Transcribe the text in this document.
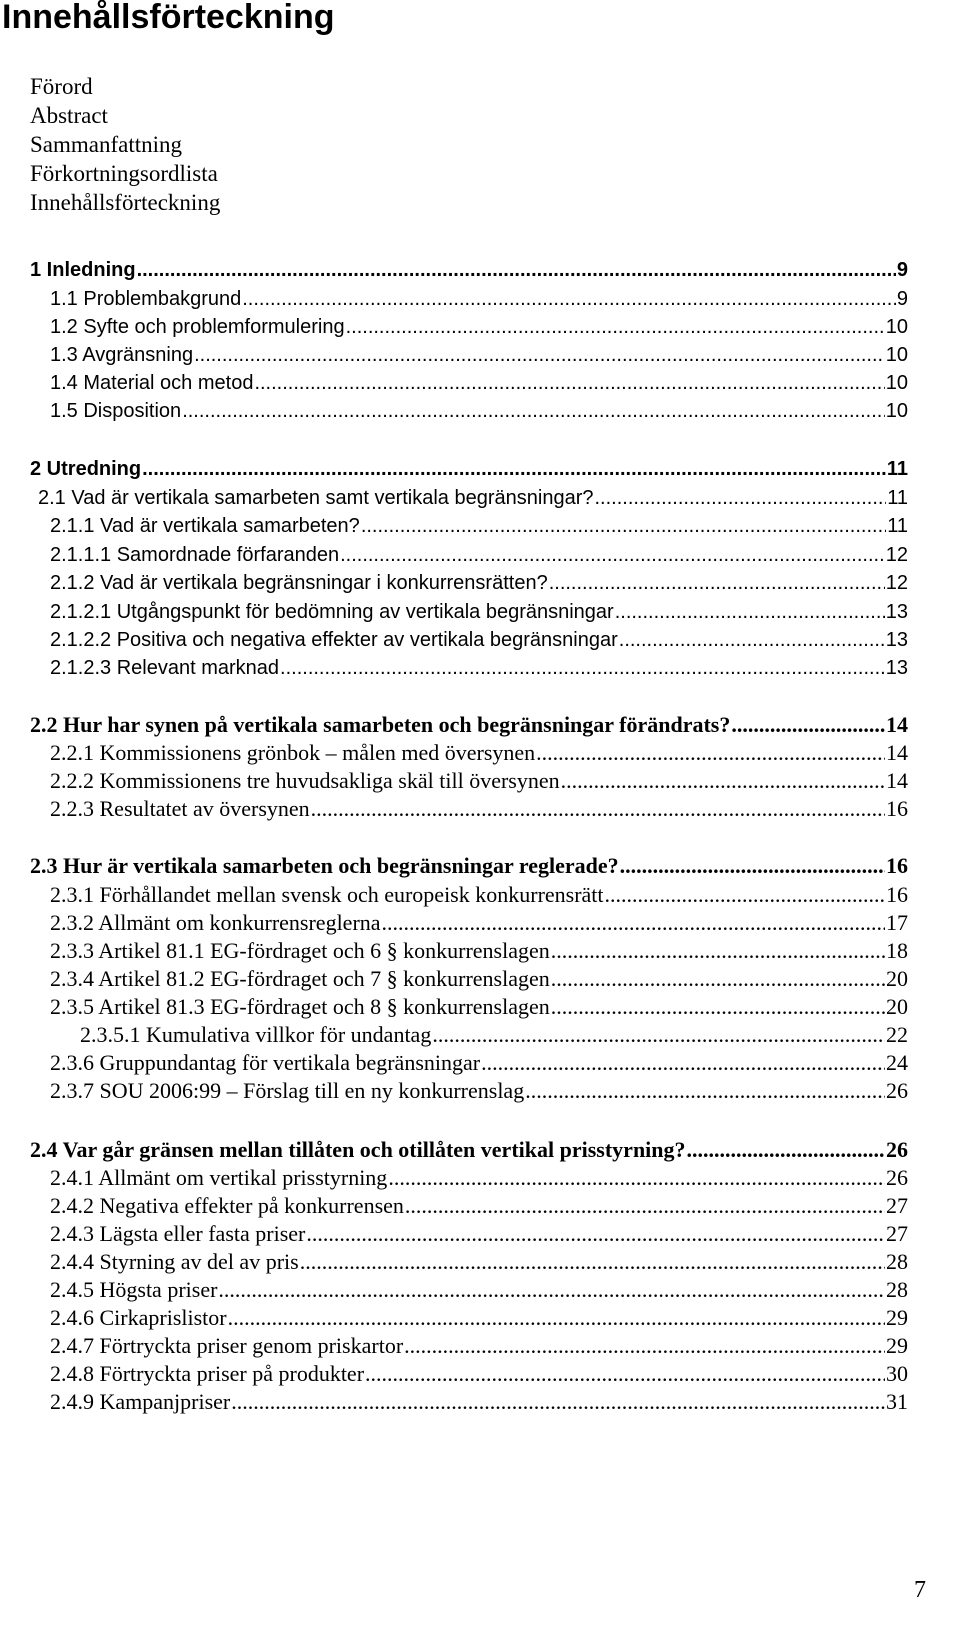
Innehållsförteckning
Förord
Abstract
Sammanfattning
Förkortningsordlista
Innehållsförteckning
1 Inledning .....	9
1.1 Problembakgrund .....	9
1.2 Syfte och problemformulering .....	10
1.3 Avgränsning .....	10
1.4 Material och metod .....	10
1.5 Disposition .....	10
2 Utredning .....	11
2.1 Vad är vertikala samarbeten samt vertikala begränsningar? .....	11
2.1.1 Vad är vertikala samarbeten? .....	11
2.1.1.1 Samordnade förfaranden .....	12
2.1.2 Vad är vertikala begränsningar i konkurrensrätten? .....	12
2.1.2.1 Utgångspunkt för bedömning av vertikala begränsningar .....	13
2.1.2.2 Positiva och negativa effekter av vertikala begränsningar .....	13
2.1.2.3 Relevant marknad .....	13
2.2 Hur har synen på vertikala samarbeten och begränsningar förändrats? .....	14
2.2.1 Kommissionens grönbok – målen med översynen .....	14
2.2.2 Kommissionens tre huvudsakliga skäl till översynen .....	14
2.2.3 Resultatet av översynen .....	16
2.3 Hur är vertikala samarbeten och begränsningar reglerade? .....	16
2.3.1 Förhållandet mellan svensk och europeisk konkurrensrätt .....	16
2.3.2 Allmänt om konkurrensreglerna .....	17
2.3.3 Artikel 81.1 EG-fördraget och 6 § konkurrenslagen .....	18
2.3.4 Artikel 81.2 EG-fördraget och 7 § konkurrenslagen .....	20
2.3.5 Artikel 81.3 EG-fördraget och 8 § konkurrenslagen .....	20
2.3.5.1 Kumulativa villkor för undantag .....	22
2.3.6 Gruppundantag för vertikala begränsningar .....	24
2.3.7 SOU 2006:99 – Förslag till en ny konkurrenslag .....	26
2.4 Var går gränsen mellan tillåten och otillåten vertikal prisstyrning? .....	26
2.4.1 Allmänt om vertikal prisstyrning .....	26
2.4.2 Negativa effekter på konkurrensen .....	27
2.4.3 Lägsta eller fasta priser .....	27
2.4.4 Styrning av del av pris .....	28
2.4.5 Högsta priser .....	28
2.4.6 Cirkaprislistor .....	29
2.4.7 Förtryckta priser genom priskartor .....	29
2.4.8 Förtryckta priser på produkter .....	30
2.4.9 Kampanjpriser .....	31
7
